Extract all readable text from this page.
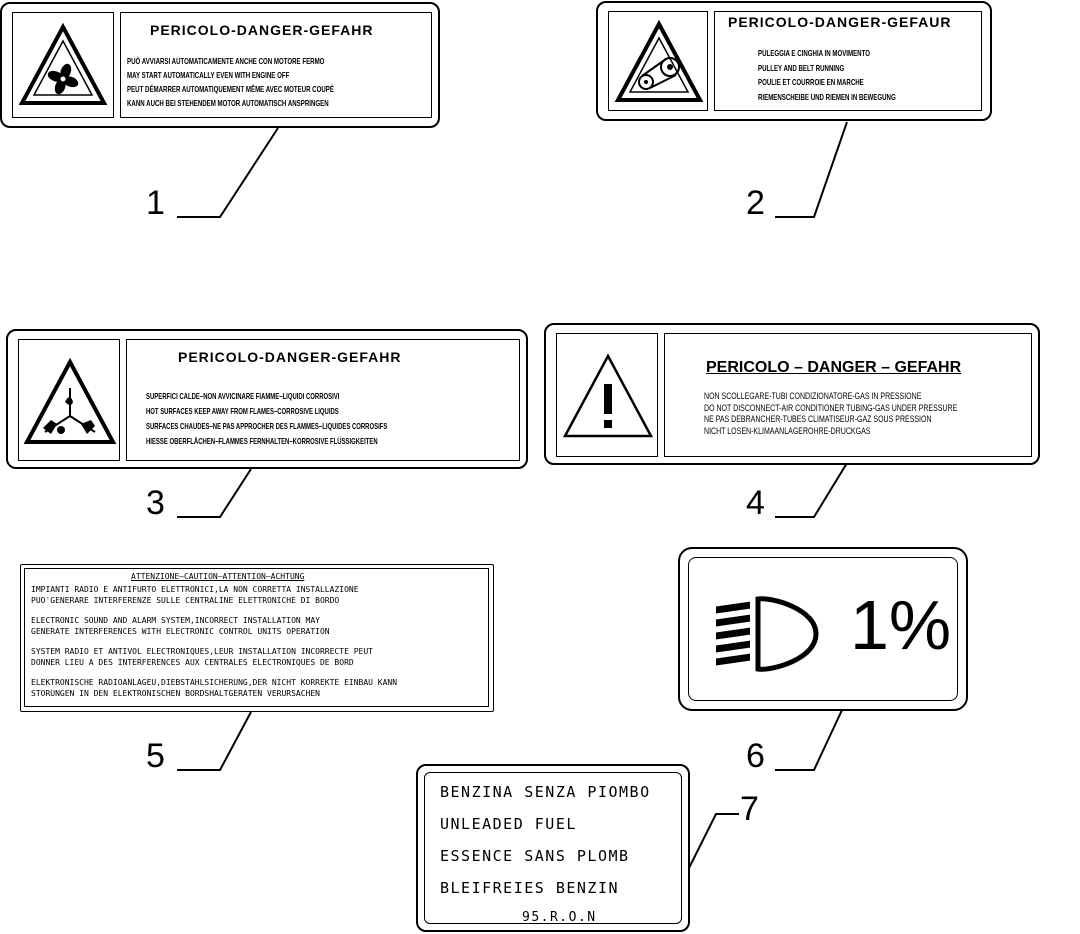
PERICOLO-DANGER-GEFAHR
PUÒ AVVIARSI AUTOMATICAMENTE ANCHE CON MOTORE FERMO
MAY START AUTOMATICALLY EVEN WITH ENGINE OFF
PEUT DÉMARRER AUTOMATIQUEMENT MÊME AVEC MOTEUR COUPÉ
KANN AUCH BEI STEHENDEM MOTOR AUTOMATISCH ANSPRINGEN
1
PERICOLO-DANGER-GEFAUR
PULEGGIA E CINGHIA IN MOVIMENTO
PULLEY AND BELT RUNNING
POULIE ET COURROIE EN MARCHE
RIEMENSCHEIBE UND RIEMEN IN BEWEGUNG
2
PERICOLO-DANGER-GEFAHR
SUPERFICI CALDE–NON AVVICINARE FIAMME–LIQUIDI CORROSIVI
HOT SURFACES KEEP AWAY FROM FLAMES–CORROSIVE LIQUIDS
SURFACES CHAUDES–NE PAS APPROCHER DES FLAMMES–LIQUIDES CORROSIFS
HIESSE OBERFLÄCHEN–FLAMMES FERNHALTEN–KORROSIVE FLÜSSIGKEITEN
3
PERICOLO – DANGER – GEFAHR
NON SCOLLEGARE-TUBI CONDIZIONATORE-GAS IN PRESSIONE
DO NOT DISCONNECT-AIR CONDITIONER TUBING-GAS UNDER PRESSURE
NE PAS DEBRANCHER-TUBES CLIMATISEUR-GAZ SOUS PRESSION
NICHT LOSEN-KLIMAANLAGEROHRE-DRUCKGAS
4
ATTENZIONE–CAUTION–ATTENTION–ACHTUNG
IMPIANTI RADIO E ANTIFURTO ELETTRONICI,LA NON CORRETTA INSTALLAZIONE
PUO'GENERARE INTERFERENZE SULLE CENTRALINE ELETTRONICHE DI BORDO
ELECTRONIC SOUND AND ALARM SYSTEM,INCORRECT INSTALLATION MAY
GENERATE INTERFERENCES WITH ELECTRONIC CONTROL UNITS OPERATION
SYSTEM RADIO ET ANTIVOL ELECTRONIQUES,LEUR INSTALLATION INCORRECTE PEUT
DONNER LIEU A DES INTERFERENCES AUX CENTRALES ELECTRONIQUES DE BORD
ELEKTRONISCHE RADIOANLAGEU,DIEBSTAHLSICHERUNG,DER NICHT KORREKTE EINBAU KANN
STORUNGEN IN DEN ELEKTRONISCHEN BORDSHALTGERATEN VERURSACHEN
5
1%
6
BENZINA SENZA PIOMBO
UNLEADED FUEL
ESSENCE SANS PLOMB
BLEIFREIES BENZIN
95.R.O.N
7
